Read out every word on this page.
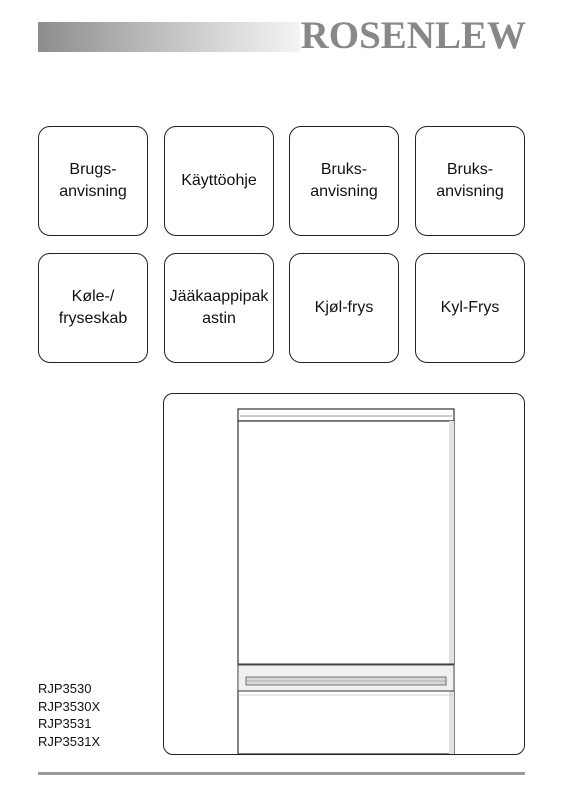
ROSENLEW
Brugs-
anvisning
Käyttöohje
Bruks-
anvisning
Bruks-
anvisning
Køle-/
fryseskab
Jääkaappipak
astin
Kjøl-frys	Kyl-Frys
RJP3530
RJP3530X
RJP3531
RJP3531X
